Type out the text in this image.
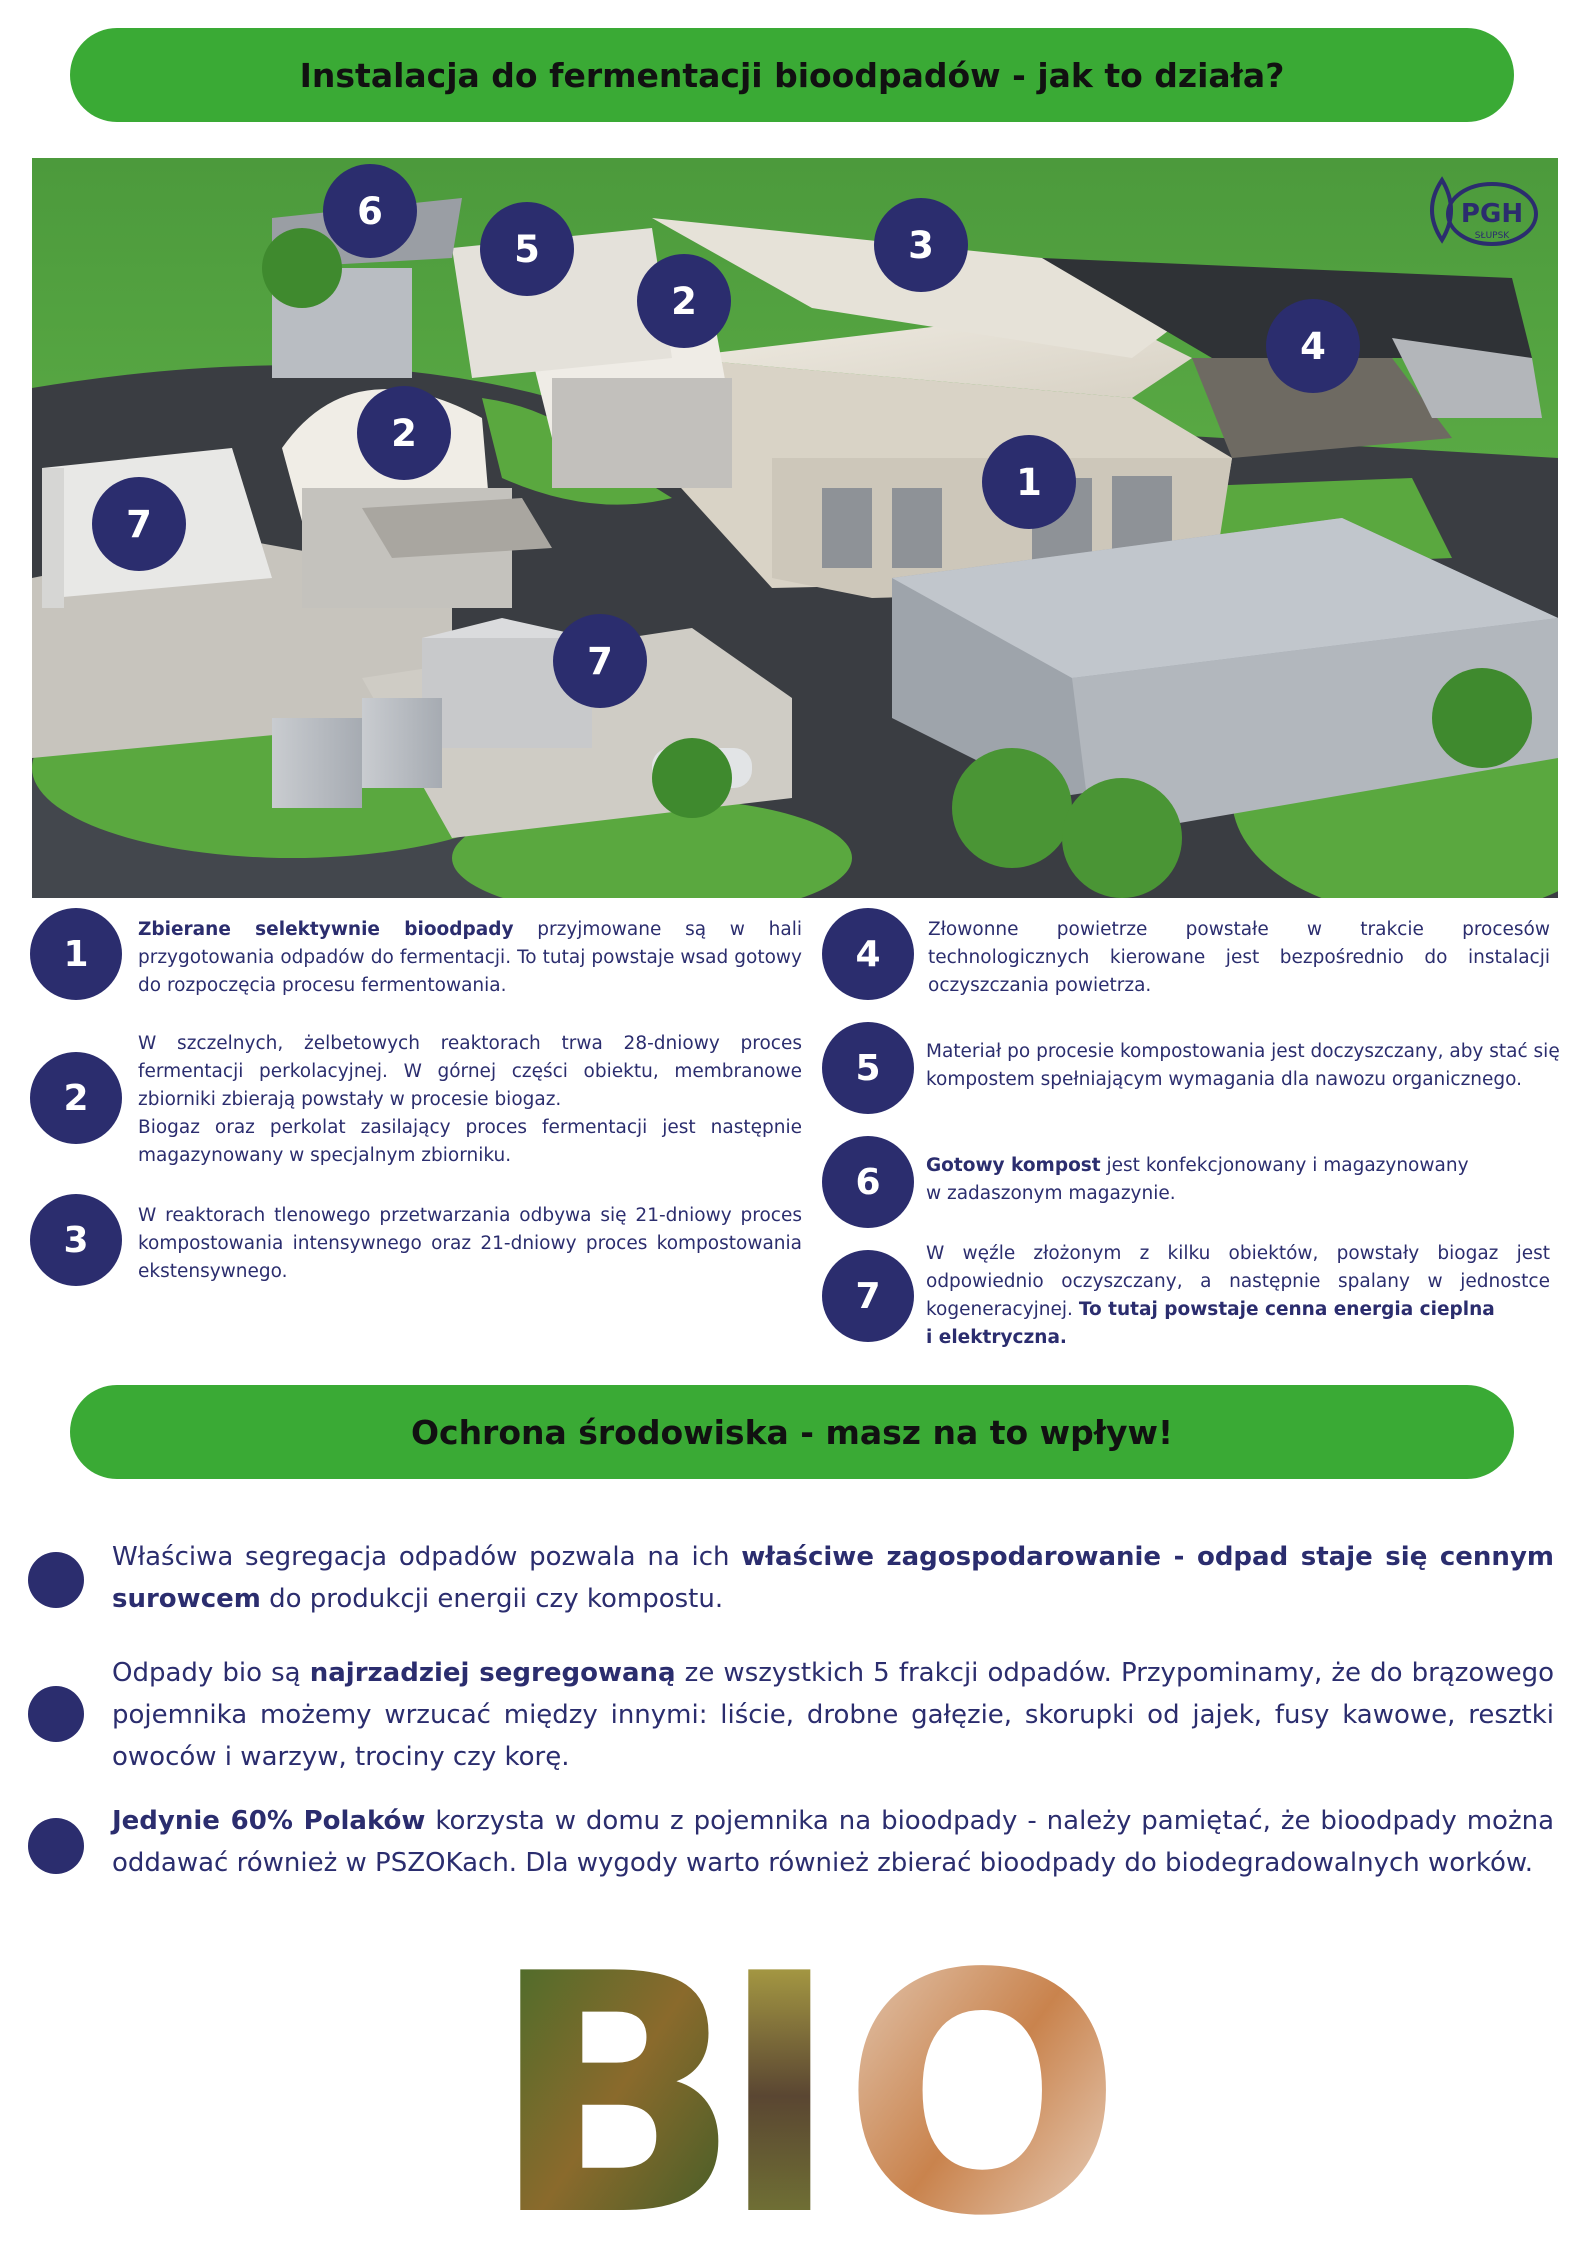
Instalacja do fermentacji bioodpadów - jak to działa?
6
5	3
2
4
2
1
7
7
PGH
SŁUPSK
1
Zbierane selektywnie bioodpady przyjmowane są w hali przygotowania odpadów do fermentacji. To tutaj powstaje wsad gotowy do rozpoczęcia procesu fermentowania.
2
W szczelnych, żelbetowych reaktorach trwa 28-dniowy proces fermentacji perkolacyjnej. W górnej części obiektu, membranowe zbiorniki zbierają powstały w procesie biogaz.
Biogaz oraz perkolat zasilający proces fermentacji jest następnie magazynowany w specjalnym zbiorniku.
3
W reaktorach tlenowego przetwarzania odbywa się 21-dniowy proces kompostowania intensywnego oraz 21-dniowy proces kompostowania ekstensywnego.
4
Złowonne powietrze powstałe w trakcie procesów technologicznych kierowane jest bezpośrednio do instalacji oczyszczania powietrza.
5	Materiał po procesie kompostowania jest doczyszczany, aby stać się kompostem spełniającym wymagania dla nawozu organicznego.
6	Gotowy kompost jest konfekcjonowany i magazynowany
w zadaszonym magazynie.
7
W węźle złożonym z kilku obiektów, powstały biogaz jest odpowiednio oczyszczany, a następnie spalany w jednostce kogeneracyjnej. To tutaj powstaje cenna energia cieplna
i elektryczna.
Ochrona środowiska - masz na to wpływ!
Właściwa segregacja odpadów pozwala na ich właściwe zagospodarowanie - odpad staje się cennym surowcem do produkcji energii czy kompostu.
Odpady bio są najrzadziej segregowaną ze wszystkich 5 frakcji odpadów. Przypominamy, że do brązowego pojemnika możemy wrzucać między innymi: liście, drobne gałęzie, skorupki od jajek, fusy kawowe, resztki owoców i warzyw, trociny czy korę.
Jedynie 60% Polaków korzysta w domu z pojemnika na bioodpady - należy pamiętać, że bioodpady można oddawać również w PSZOKach. Dla wygody warto również zbierać bioodpady do biodegradowalnych worków.
B
I O
